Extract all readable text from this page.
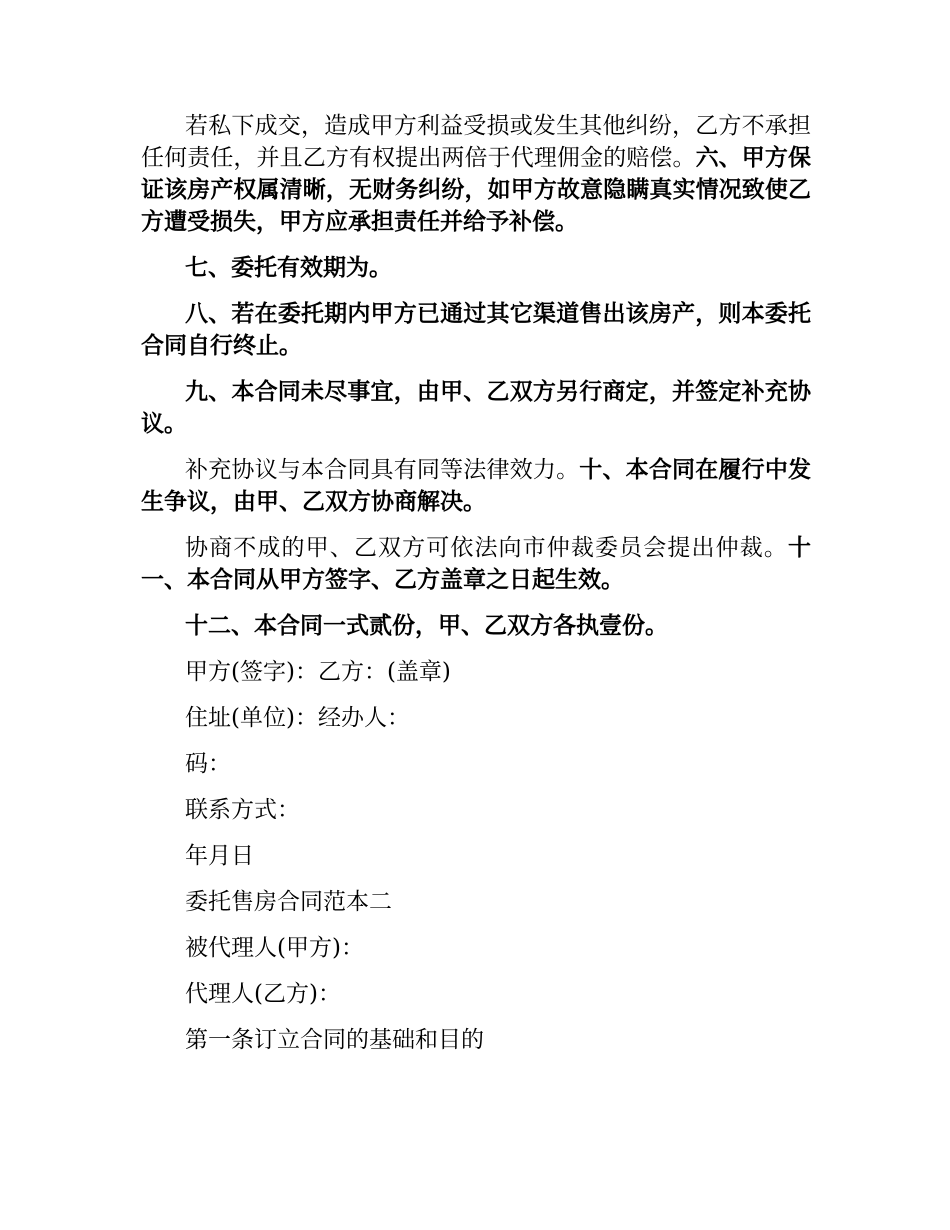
若私下成交，造成甲方利益受损或发生其他纠纷，乙方不承担任何责任，并且乙方有权提出两倍于代理佣金的赔偿。六、甲方保证该房产权属清晰，无财务纠纷，如甲方故意隐瞒真实情况致使乙方遭受损失，甲方应承担责任并给予补偿。

七、委托有效期为。

八、若在委托期内甲方已通过其它渠道售出该房产，则本委托合同自行终止。

九、本合同未尽事宜，由甲、乙双方另行商定，并签定补充协议。

补充协议与本合同具有同等法律效力。十、本合同在履行中发生争议，由甲、乙双方协商解决。

协商不成的甲、乙双方可依法向市仲裁委员会提出仲裁。十一、本合同从甲方签字、乙方盖章之日起生效。

十二、本合同一式贰份，甲、乙双方各执壹份。

甲方(签字)：乙方：(盖章)

住址(单位)：经办人：

码：

联系方式：

年月日

委托售房合同范本二

被代理人(甲方)：

代理人(乙方)：

第一条订立合同的基础和目的
